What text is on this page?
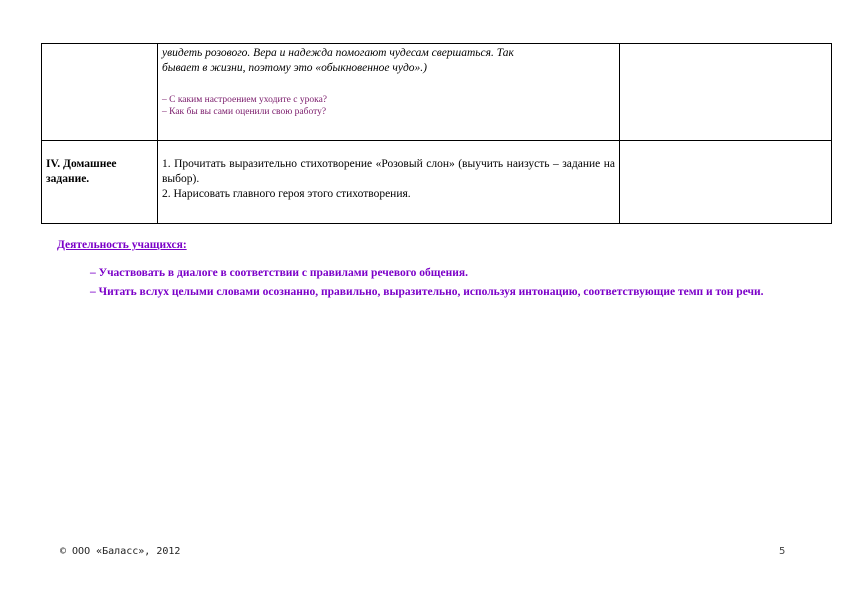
	увидеть розового. Вера и надежда помогают чудесам свершаться. Так
бывает в жизни, поэтому это «обыкновенное чудо».)
– С каким настроением уходите с урока?
– Как бы вы сами оценили свою работу?	

IV. Домашнее задание.	1. Прочитать выразительно стихотворение «Розовый слон» (выучить наизусть – задание на выбор).
2. Нарисовать главного героя этого стихотворения.	

Деятельность учащихся:
– Участвовать в диалоге в соответствии с правилами речевого общения.
– Читать вслух целыми словами осознанно, правильно, выразительно, используя интонацию, соответствующие темп и тон речи.
© ООО «Баласс», 2012	5
